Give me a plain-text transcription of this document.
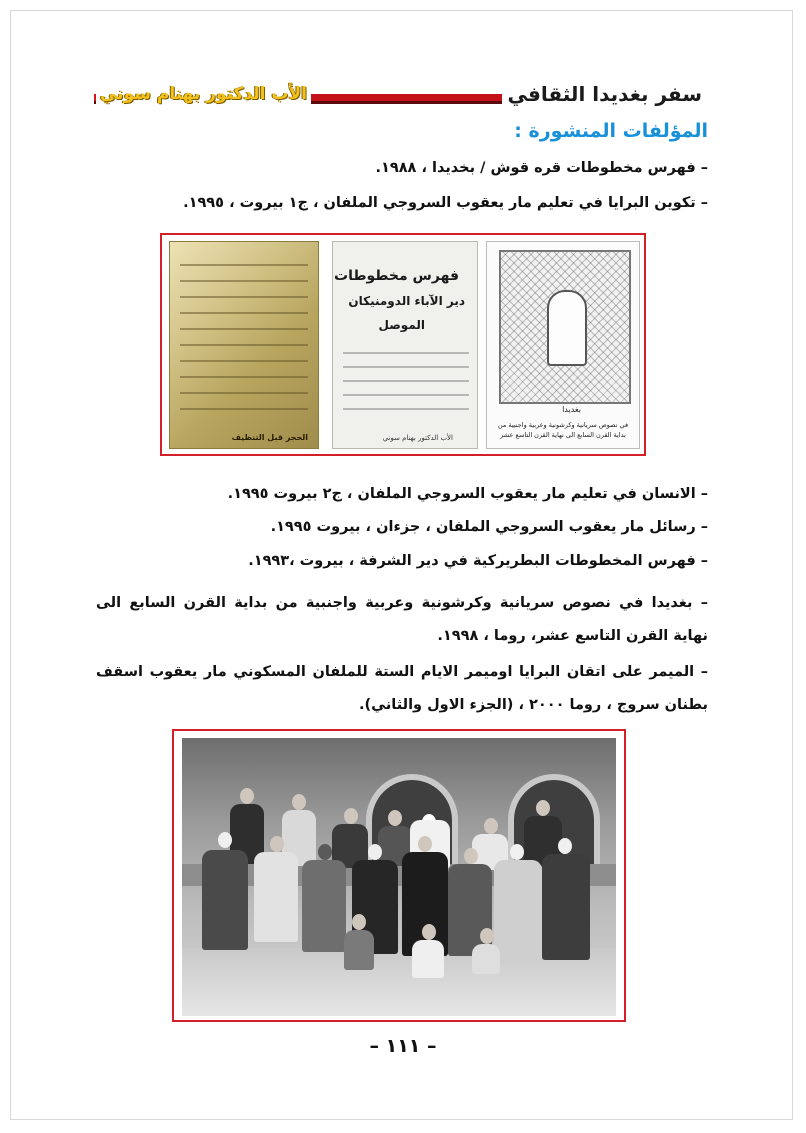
سفر بغديدا الثقافي
الأب الدكتور بهنام سوني
المؤلفات المنشورة :
– فهرس مخطوطات قره قوش / بخديدا ، ١٩٨٨.
– تكوين البرايا في تعليم مار يعقوب السروجي الملفان ، ج١ بيروت ، ١٩٩٥.
الحجر قبل التنظيف
فهرس مخطوطات
دير الآباء الدومنيكان
الموصل
الأب الدكتور بهنام سوني
بغديدا
في نصوص سريانية وكرشونية وعربية واجنبية من بداية القرن السابع الى نهاية القرن التاسع عشر
– الانسان في تعليم مار يعقوب السروجي الملفان ، ج٢ بيروت ١٩٩٥.
– رسائل مار يعقوب السروجي الملفان ، جزءان ، بيروت ١٩٩٥.
– فهرس المخطوطات البطريركية في دير الشرفة ، بيروت ،١٩٩٣.
– بغديدا في نصوص سريانية وكرشونية وعربية واجنبية من بداية القرن السابع الى نهاية القرن التاسع عشر، روما ، ١٩٩٨.
– الميمر على اتقان البرايا اوميمر الايام الستة للملفان المسكوني مار يعقوب اسقف بطنان سروج ، روما ٢٠٠٠ ، (الجزء الاول والثاني).
– ١١١ –
